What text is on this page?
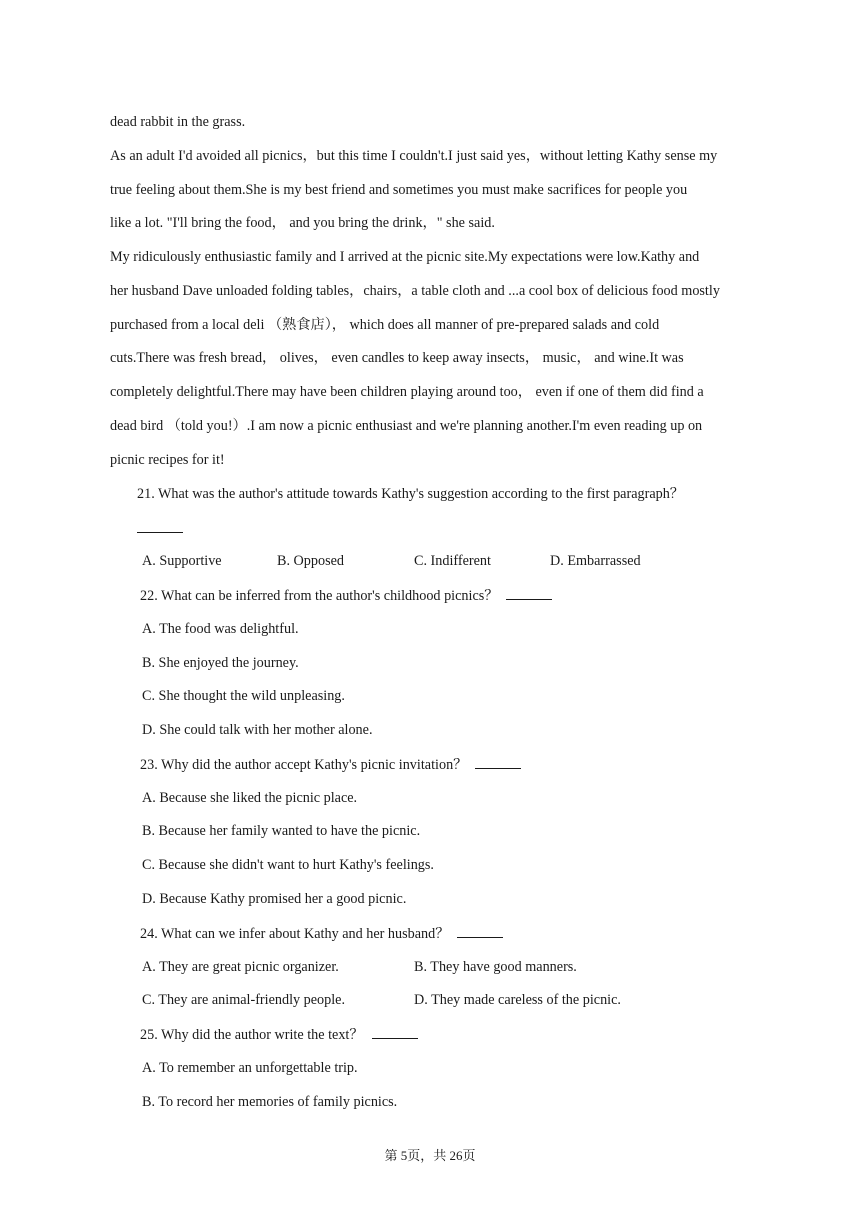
dead rabbit in the grass.
As an adult I'd avoided all picnics，but this time I couldn't.I just said yes，without letting Kathy sense my
true feeling about them.She is my best friend and sometimes you must make sacrifices for people you
like a lot. "I'll bring the food， and you bring the drink，" she said.
My ridiculously enthusiastic family and I arrived at the picnic site.My expectations were low.Kathy and
her husband Dave unloaded folding tables，chairs，a table cloth and ...a cool box of delicious food mostly
purchased from a local deli （熟食店）， which does all manner of pre-prepared salads and cold
cuts.There was fresh bread， olives， even candles to keep away insects， music， and wine.It was
completely delightful.There may have been children playing around too， even if one of them did find a
dead bird （told you!）.I am now a picnic enthusiast and we're planning another.I'm even reading up on
picnic recipes for it!
21. What was the author's attitude towards Kathy's suggestion according to the first paragraph？
A. Supportive	B. Opposed	C. Indifferent	D. Embarrassed
22. What can be inferred from the author's childhood picnics？
A. The food was delightful.
B. She enjoyed the journey.
C. She thought the wild unpleasing.
D. She could talk with her mother alone.
23. Why did the author accept Kathy's picnic invitation？
A. Because she liked the picnic place.
B. Because her family wanted to have the picnic.
C. Because she didn't want to hurt Kathy's feelings.
D. Because Kathy promised her a good picnic.
24. What can we infer about Kathy and her husband？
A. They are great picnic organizer.	B. They have good manners.
C. They are animal-friendly people.	D. They made careless of the picnic.
25. Why did the author write the text？
A. To remember an unforgettable trip.
B. To record her memories of family picnics.
第 5页，共 26页
